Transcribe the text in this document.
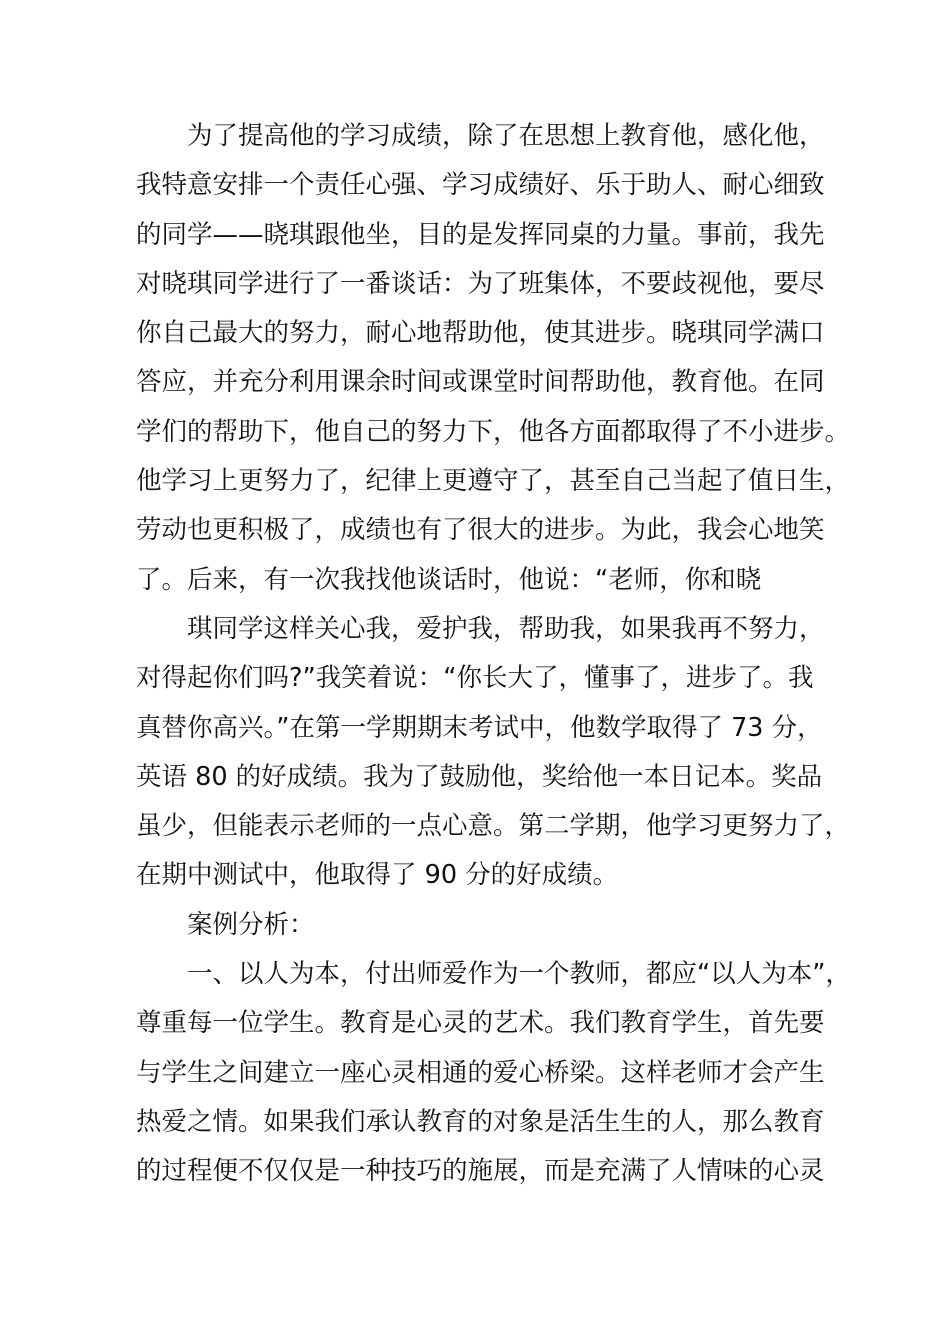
为了提高他的学习成绩，除了在思想上教育他，感化他，
我特意安排一个责任心强、学习成绩好、乐于助人、耐心细致
的同学——晓琪跟他坐，目的是发挥同桌的力量。事前，我先
对晓琪同学进行了一番谈话：为了班集体，不要歧视他，要尽
你自己最大的努力，耐心地帮助他，使其进步。晓琪同学满口
答应，并充分利用课余时间或课堂时间帮助他，教育他。在同
学们的帮助下，他自己的努力下，他各方面都取得了不小进步。
他学习上更努力了，纪律上更遵守了，甚至自己当起了值日生，
劳动也更积极了，成绩也有了很大的进步。为此，我会心地笑
了。后来，有一次我找他谈话时，他说：“老师，你和晓
琪同学这样关心我，爱护我，帮助我，如果我再不努力，
对得起你们吗?”我笑着说：“你长大了，懂事了，进步了。我
真替你高兴。”在第一学期期末考试中，他数学取得了 73 分，
英语 80 的好成绩。我为了鼓励他，奖给他一本日记本。奖品
虽少，但能表示老师的一点心意。第二学期，他学习更努力了，
在期中测试中，他取得了 90 分的好成绩。
案例分析：
一、以人为本，付出师爱作为一个教师，都应“以人为本”，
尊重每一位学生。教育是心灵的艺术。我们教育学生，首先要
与学生之间建立一座心灵相通的爱心桥梁。这样老师才会产生
热爱之情。如果我们承认教育的对象是活生生的人，那么教育
的过程便不仅仅是一种技巧的施展，而是充满了人情味的心灵
